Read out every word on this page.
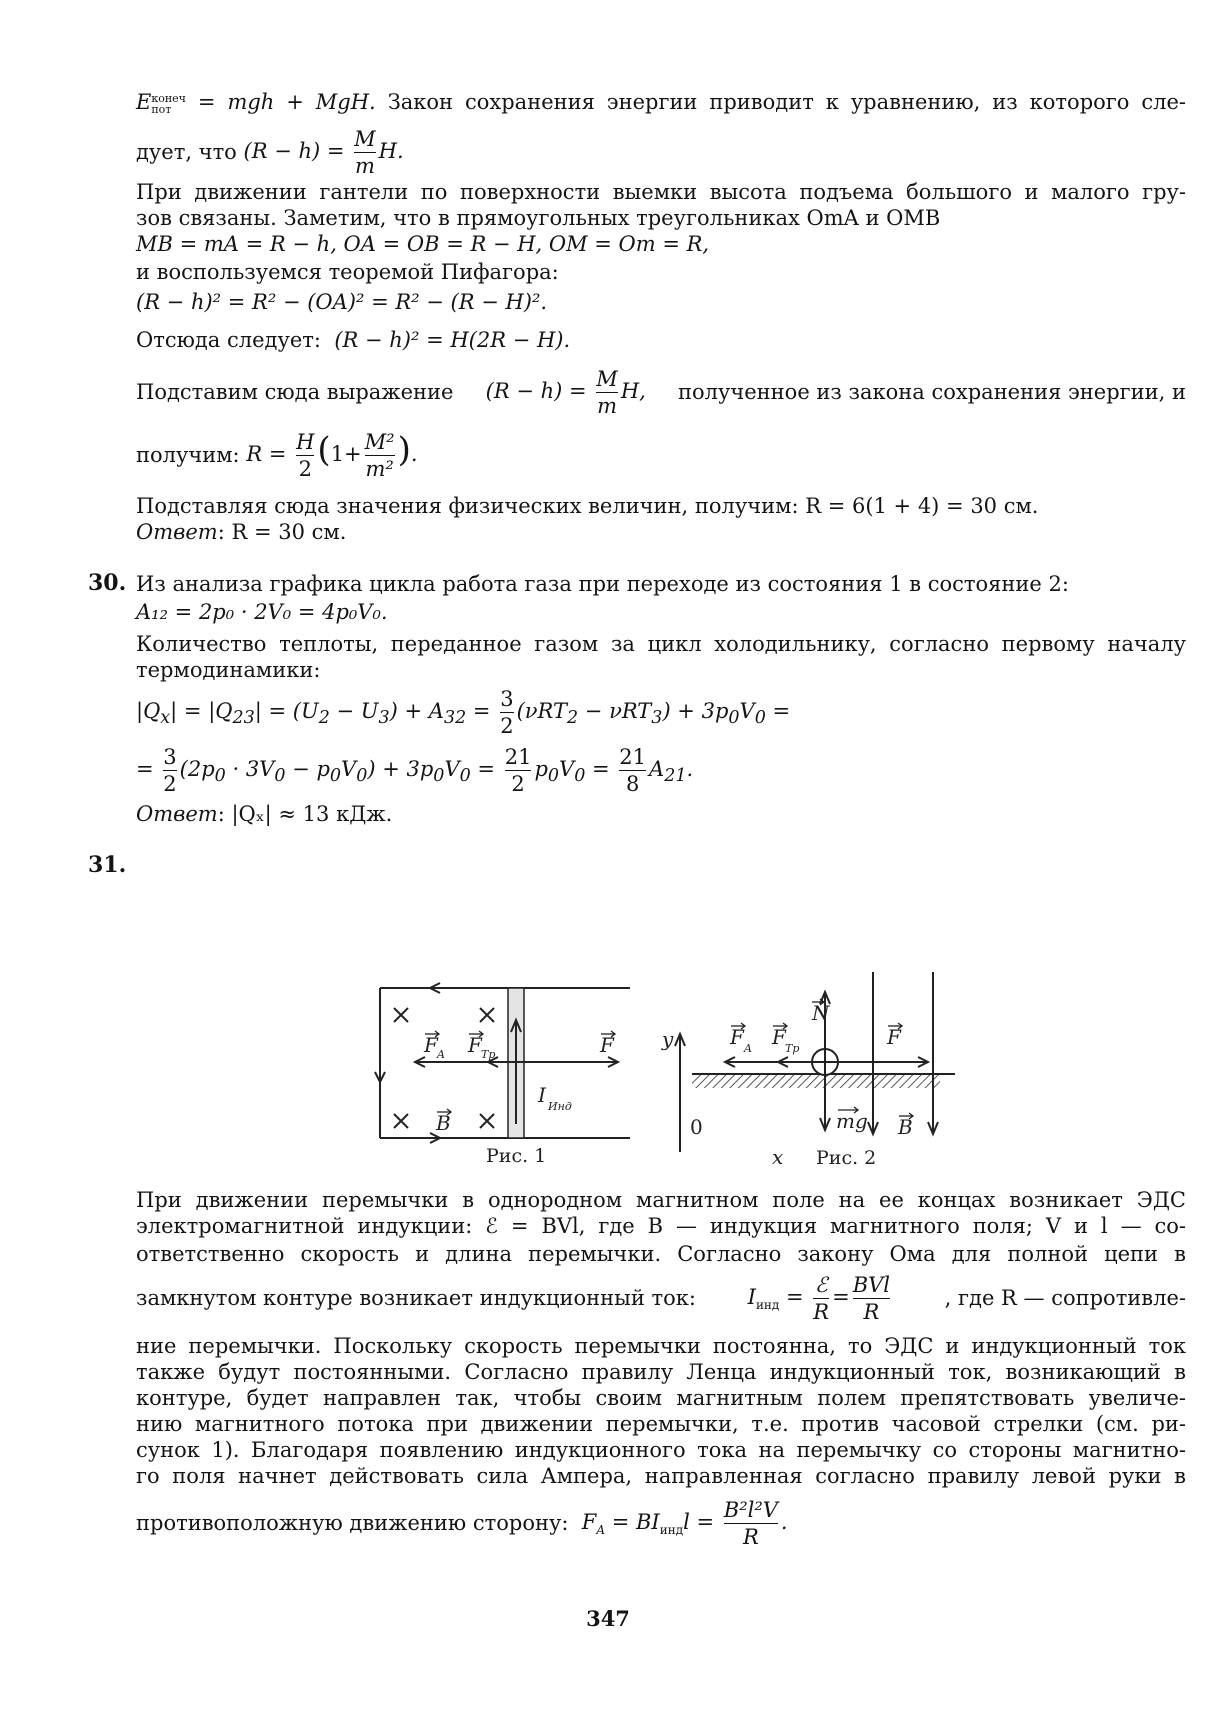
E конеч
пот = mgh + MgH. Закон сохранения энергии приводит к уравнению, из которого сле-
дует, что
$(R - h) = \frac{M}{m} H$.
При движении гантели по поверхности выемки высота подъема большого и малого гру-
зов связаны. Заметим, что в прямоугольных треугольниках OmA и OMB
MB = mA = R − h, OA = OB = R − H, OM = Om = R,
и воспользуемся теоремой Пифагора:
(R − h)² = R² − (OA)² = R² − (R − H)².
Отсюда следует: (R − h)² = H(2R − H).
Подставим сюда выражение $(R - h) = \frac{M}{m} H$, полученное из закона сохранения энергии, и
получим:
$R = \frac{H}{2} (1+ \frac{\text{M²}}{\text{m²}}$ ).
Подставляя сюда значения физических величин, получим: R = 6(1 + 4) = 30 см.
Ответ: R = 30 см.
30. Из анализа графика цикла работа газа при переходе из состояния 1 в состояние 2:
A₁₂ = 2p₀ · 2V₀ = 4p₀V₀.
Количество теплоты, переданное газом за цикл холодильнику, согласно первому началу
термодинамики:
$|Q_x| = |Q_{23}| = (U_2 - U_3) + A_{32} = \frac{3}{2} (\nu RT_2 - \nu RT_3) + 3p_0V_0$ =
= $\frac{3}{2} (2p_0 \cdot 3V_0 - p_0V_0) + 3p_0V_0 = \frac{21}{2} p_0V_0 = \frac{21}{8} A_{21}$.
Ответ: |Qₓ| ≈ 13 кДж.
31.
F A F Тр	F
B
I Инд
Рис. 1
N
F A F Тр	F
y
0
x
mg B
Рис. 2
При движении перемычки в однородном магнитном поле на ее концах возникает ЭДС
электромагнитной индукции: ℰ = BVl, где B — индукция магнитного поля; V и l — со-
ответственно скорость и длина перемычки. Согласно закону Ома для полной цепи в
замкнутом контуре возникает индукционный ток: $I_{инд} = \frac{\text{ℰ}}{R} = \frac{\text{BVl}}{R}$	, где R — сопротивле-
ние перемычки. Поскольку скорость перемычки постоянна, то ЭДС и индукционный ток
также будут постоянными. Согласно правилу Ленца индукционный ток, возникающий в
контуре, будет направлен так, чтобы своим магнитным полем препятствовать увеличе-
нию магнитного потока при движении перемычки, т.е. против часовой стрелки (см. ри-
сунок 1). Благодаря появлению индукционного тока на перемычку со стороны магнитно-
го поля начнет действовать сила Ампера, направленная согласно правилу левой руки в
противоположную движению сторону:
$F_A = BI_{инд}l = \frac{\text{B²l²V}}{R}$ .
347
